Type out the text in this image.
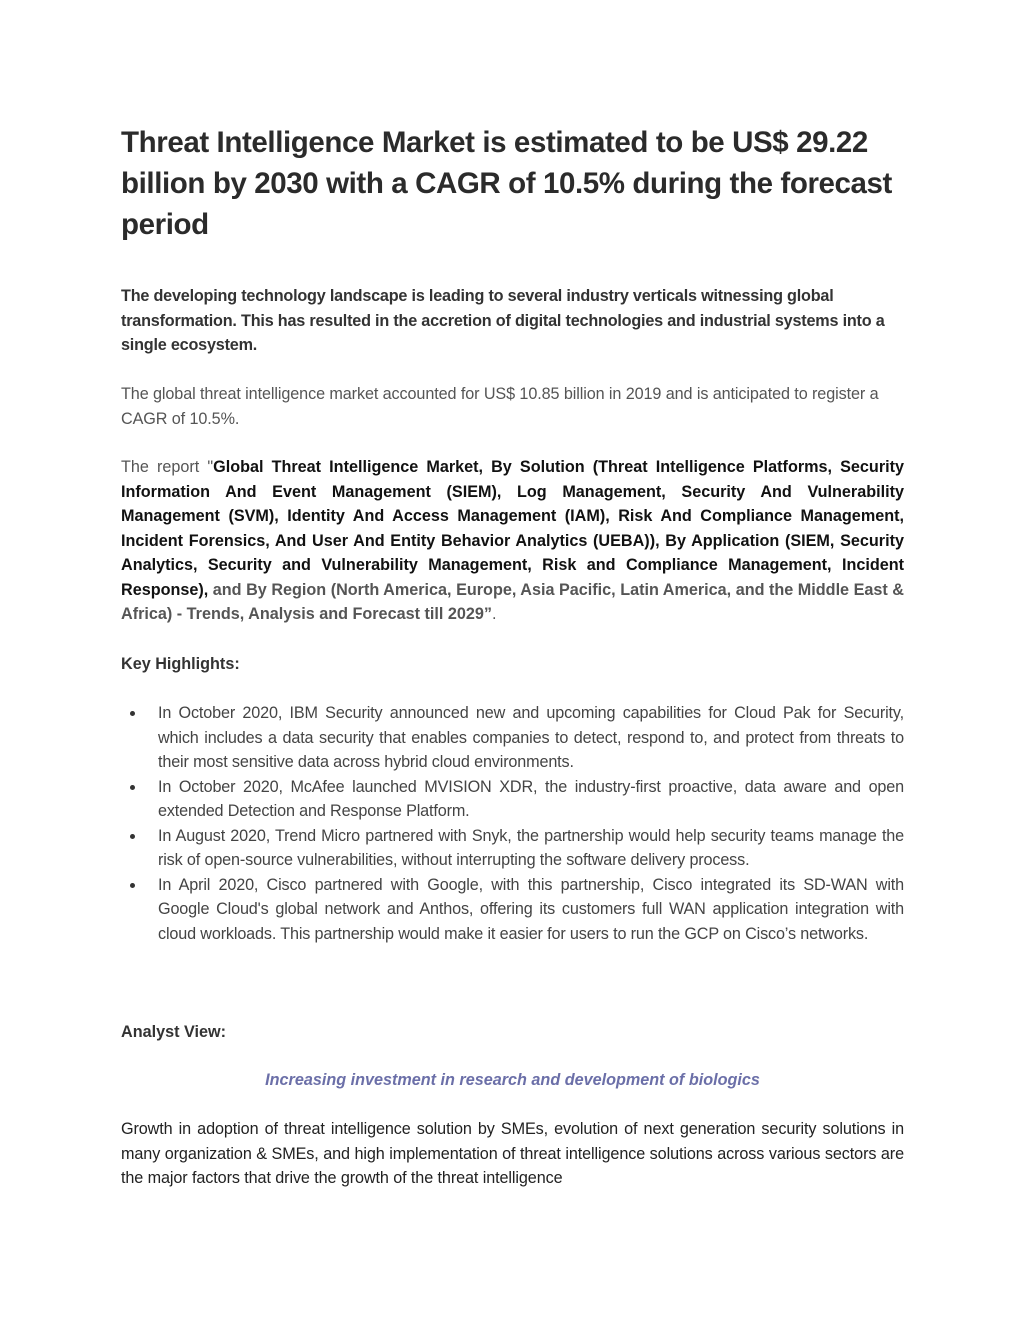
Threat Intelligence Market is estimated to be US$ 29.22 billion by 2030 with a CAGR of 10.5% during the forecast period

The developing technology landscape is leading to several industry verticals witnessing global transformation. This has resulted in the accretion of digital technologies and industrial systems into a single ecosystem.

The global threat intelligence market accounted for US$ 10.85 billion in 2019 and is anticipated to register a CAGR of 10.5%.

The report "Global Threat Intelligence Market, By Solution (Threat Intelligence Platforms, Security Information And Event Management (SIEM), Log Management, Security And Vulnerability Management (SVM), Identity And Access Management (IAM), Risk And Compliance Management, Incident Forensics, And User And Entity Behavior Analytics (UEBA)), By Application (SIEM, Security Analytics, Security and Vulnerability Management, Risk and Compliance Management, Incident Response), and By Region (North America, Europe, Asia Pacific, Latin America, and the Middle East & Africa) - Trends, Analysis and Forecast till 2029”.

Key Highlights:

In October 2020, IBM Security announced new and upcoming capabilities for Cloud Pak for Security, which includes a data security that enables companies to detect, respond to, and protect from threats to their most sensitive data across hybrid cloud environments.
In October 2020, McAfee launched MVISION XDR, the industry-first proactive, data aware and open extended Detection and Response Platform.
In August 2020, Trend Micro partnered with Snyk, the partnership would help security teams manage the risk of open-source vulnerabilities, without interrupting the software delivery process.
In April 2020, Cisco partnered with Google, with this partnership, Cisco integrated its SD-WAN with Google Cloud's global network and Anthos, offering its customers full WAN application integration with cloud workloads. This partnership would make it easier for users to run the GCP on Cisco’s networks.

Analyst View:

Increasing investment in research and development of biologics

Growth in adoption of threat intelligence solution by SMEs, evolution of next generation security solutions in many organization & SMEs, and high implementation of threat intelligence solutions across various sectors are the major factors that drive the growth of the threat intelligence
